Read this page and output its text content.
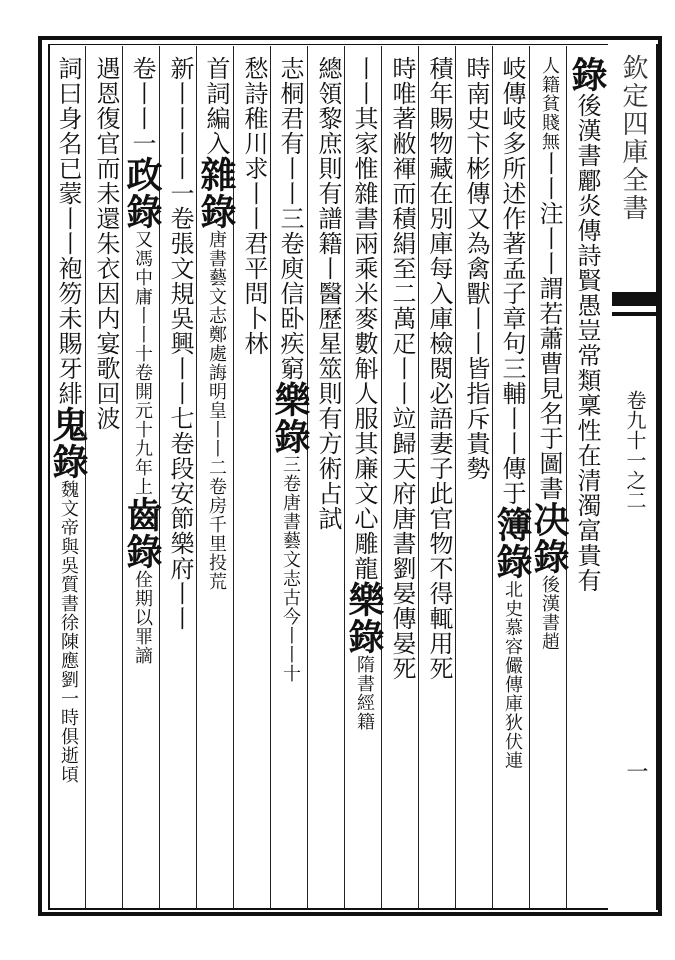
欽定四庫全書
卷九十一之二
一
錄後漢書酈炎傳詩賢愚豈常類稟性在清濁富貴有
人籍貧賤無丨丨注丨丨謂若蕭曹見名于圖書决錄後漢書趙
岐傳岐多所述作著孟子章句三輔丨丨傳于簿錄北史慕容儼傳庫狄伏連
時南史卞彬傳又為禽獸丨丨皆指斥貴勢
積年賜物藏在別庫每入庫檢閱必語妻子此官物不得輒用死
時唯著敝褌而積絹至二萬疋丨丨竝歸天府唐書劉晏傳晏死
丨丨其家惟雜書兩乘米麥數斛人服其廉文心雕龍樂錄隋書經籍
總領黎庶則有譜籍丨醫歷星筮則有方術占試
志桐君有丨丨三卷庾信卧疾窮樂錄三卷唐書藝文志古今丨丨十
愁詩稚川求丨丨君平問卜林
首詞編入雜錄唐書藝文志鄭處誨明皇丨丨二卷房千里投荒
新丨丨丨丨一卷張文規吳興丨丨七卷段安節樂府丨丨
卷丨丨一政錄又馮中庸丨丨十卷開元十九年上齒錄佺期以罪謫
遇恩復官而未還朱衣因内宴歌回波
詞曰身名已蒙丨丨袍笏未賜牙緋鬼錄魏文帝與吳質書徐陳應劉一時俱逝頃
